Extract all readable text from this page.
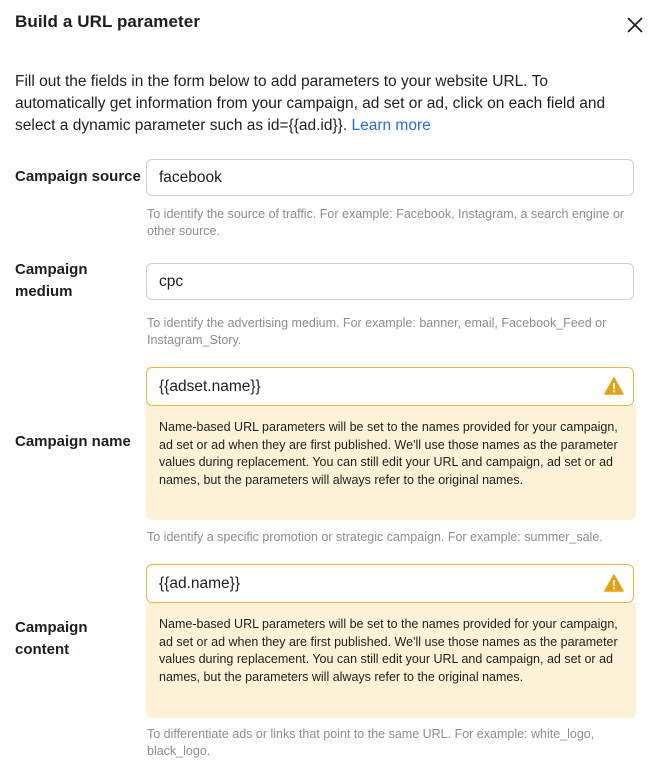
Build a URL parameter
Fill out the fields in the form below to add parameters to your website URL. To automatically get information from your campaign, ad set or ad, click on each field and select a dynamic parameter such as id={{ad.id}}. Learn more
Campaign source	facebook
To identify the source of traffic. For example: Facebook, Instagram, a search engine or other source.
Campaign
medium
cpc
To identify the advertising medium. For example: banner, email, Facebook_Feed or Instagram_Story.
Campaign name
Name-based URL parameters will be set to the names provided for your campaign, ad set or ad when they are first published. We'll use those names as the parameter values during replacement. You can still edit your URL and campaign, ad set or ad names, but the parameters will always refer to the original names.
{{adset.name}}
To identify a specific promotion or strategic campaign. For example: summer_sale.
Campaign
content
Name-based URL parameters will be set to the names provided for your campaign, ad set or ad when they are first published. We'll use those names as the parameter values during replacement. You can still edit your URL and campaign, ad set or ad names, but the parameters will always refer to the original names.
{{ad.name}}
To differentiate ads or links that point to the same URL. For example: white_logo, black_logo.
